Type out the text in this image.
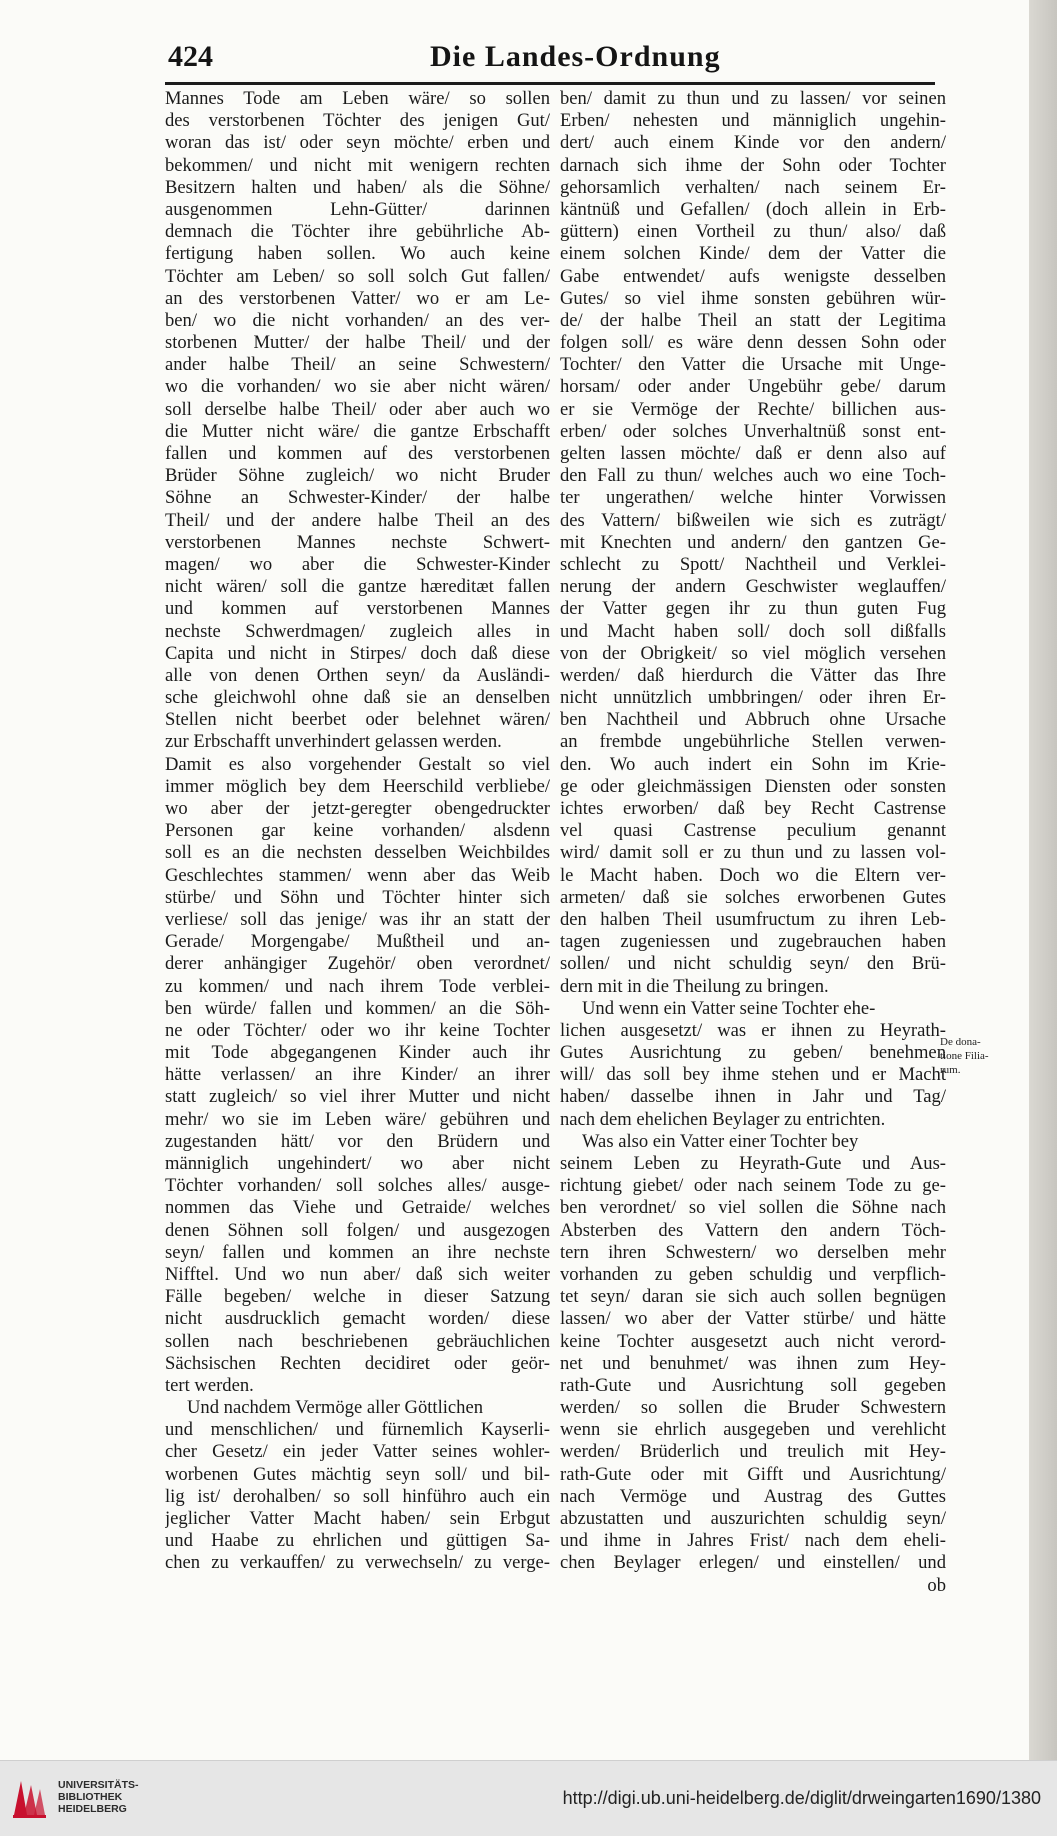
424	Die Landes-Ordnung
Mannes Tode am Leben wäre/ so sollen
des verstorbenen Töchter des jenigen Gut/
woran das ist/ oder seyn möchte/ erben und
bekommen/ und nicht mit wenigern rechten
Besitzern halten und haben/ als die Söhne/
ausgenommen Lehn-Gütter/ darinnen
demnach die Töchter ihre gebührliche Ab-
fertigung haben sollen. Wo auch keine
Töchter am Leben/ so soll solch Gut fallen/
an des verstorbenen Vatter/ wo er am Le-
ben/ wo die nicht vorhanden/ an des ver-
storbenen Mutter/ der halbe Theil/ und der
ander halbe Theil/ an seine Schwestern/
wo die vorhanden/ wo sie aber nicht wären/
soll derselbe halbe Theil/ oder aber auch wo
die Mutter nicht wäre/ die gantze Erbschafft
fallen und kommen auf des verstorbenen
Brüder Söhne zugleich/ wo nicht Bruder
Söhne an Schwester-Kinder/ der halbe
Theil/ und der andere halbe Theil an des
verstorbenen Mannes nechste Schwert-
magen/ wo aber die Schwester-Kinder
nicht wären/ soll die gantze hæreditæt fallen
und kommen auf verstorbenen Mannes
nechste Schwerdmagen/ zugleich alles in
Capita und nicht in Stirpes/ doch daß diese
alle von denen Orthen seyn/ da Ausländi-
sche gleichwohl ohne daß sie an denselben
Stellen nicht beerbet oder belehnet wären/
zur Erbschafft unverhindert gelassen werden.
Damit es also vorgehender Gestalt so viel
immer möglich bey dem Heerschild verbliebe/
wo aber der jetzt-geregter obengedruckter
Personen gar keine vorhanden/ alsdenn
soll es an die nechsten desselben Weichbildes
Geschlechtes stammen/ wenn aber das Weib
stürbe/ und Söhn und Töchter hinter sich
verliese/ soll das jenige/ was ihr an statt der
Gerade/ Morgengabe/ Mußtheil und an-
derer anhängiger Zugehör/ oben verordnet/
zu kommen/ und nach ihrem Tode verblei-
ben würde/ fallen und kommen/ an die Söh-
ne oder Töchter/ oder wo ihr keine Tochter
mit Tode abgegangenen Kinder auch ihr
hätte verlassen/ an ihre Kinder/ an ihrer
statt zugleich/ so viel ihrer Mutter und nicht
mehr/ wo sie im Leben wäre/ gebühren und
zugestanden hätt/ vor den Brüdern und
männiglich ungehindert/ wo aber nicht
Töchter vorhanden/ soll solches alles/ ausge-
nommen das Viehe und Getraide/ welches
denen Söhnen soll folgen/ und ausgezogen
seyn/ fallen und kommen an ihre nechste
Nifftel. Und wo nun aber/ daß sich weiter
Fälle begeben/ welche in dieser Satzung
nicht ausdrucklich gemacht worden/ diese
sollen nach beschriebenen gebräuchlichen
Sächsischen Rechten decidiret oder geör-
tert werden.
Und nachdem Vermöge aller Göttlichen
und menschlichen/ und fürnemlich Kayserli-
cher Gesetz/ ein jeder Vatter seines wohler-
worbenen Gutes mächtig seyn soll/ und bil-
lig ist/ derohalben/ so soll hinführo auch ein
jeglicher Vatter Macht haben/ sein Erbgut
und Haabe zu ehrlichen und güttigen Sa-
chen zu verkauffen/ zu verwechseln/ zu verge-
ben/ damit zu thun und zu lassen/ vor seinen
Erben/ nehesten und männiglich ungehin-
dert/ auch einem Kinde vor den andern/
darnach sich ihme der Sohn oder Tochter
gehorsamlich verhalten/ nach seinem Er-
käntnüß und Gefallen/ (doch allein in Erb-
güttern) einen Vortheil zu thun/ also/ daß
einem solchen Kinde/ dem der Vatter die
Gabe entwendet/ aufs wenigste desselben
Gutes/ so viel ihme sonsten gebühren wür-
de/ der halbe Theil an statt der Legitima
folgen soll/ es wäre denn dessen Sohn oder
Tochter/ den Vatter die Ursache mit Unge-
horsam/ oder ander Ungebühr gebe/ darum
er sie Vermöge der Rechte/ billichen aus-
erben/ oder solches Unverhaltnüß sonst ent-
gelten lassen möchte/ daß er denn also auf
den Fall zu thun/ welches auch wo eine Toch-
ter ungerathen/ welche hinter Vorwissen
des Vattern/ bißweilen wie sich es zuträgt/
mit Knechten und andern/ den gantzen Ge-
schlecht zu Spott/ Nachtheil und Verklei-
nerung der andern Geschwister weglauffen/
der Vatter gegen ihr zu thun guten Fug
und Macht haben soll/ doch soll dißfalls
von der Obrigkeit/ so viel möglich versehen
werden/ daß hierdurch die Vätter das Ihre
nicht unnützlich umbbringen/ oder ihren Er-
ben Nachtheil und Abbruch ohne Ursache
an frembde ungebührliche Stellen verwen-
den. Wo auch indert ein Sohn im Krie-
ge oder gleichmässigen Diensten oder sonsten
ichtes erworben/ daß bey Recht Castrense
vel quasi Castrense peculium genannt
wird/ damit soll er zu thun und zu lassen vol-
le Macht haben. Doch wo die Eltern ver-
armeten/ daß sie solches erworbenen Gutes
den halben Theil usumfructum zu ihren Leb-
tagen zugeniessen und zugebrauchen haben
sollen/ und nicht schuldig seyn/ den Brü-
dern mit in die Theilung zu bringen.
Und wenn ein Vatter seine Tochter ehe-
lichen ausgesetzt/ was er ihnen zu Heyrath-
Gutes Ausrichtung zu geben/ benehmen
will/ das soll bey ihme stehen und er Macht
haben/ dasselbe ihnen in Jahr und Tag/
nach dem ehelichen Beylager zu entrichten.
Was also ein Vatter einer Tochter bey
seinem Leben zu Heyrath-Gute und Aus-
richtung giebet/ oder nach seinem Tode zu ge-
ben verordnet/ so viel sollen die Söhne nach
Absterben des Vattern den andern Töch-
tern ihren Schwestern/ wo derselben mehr
vorhanden zu geben schuldig und verpflich-
tet seyn/ daran sie sich auch sollen begnügen
lassen/ wo aber der Vatter stürbe/ und hätte
keine Tochter ausgesetzt auch nicht verord-
net und benuhmet/ was ihnen zum Hey-
rath-Gute und Ausrichtung soll gegeben
werden/ so sollen die Bruder Schwestern
wenn sie ehrlich ausgegeben und verehlicht
werden/ Brüderlich und treulich mit Hey-
rath-Gute oder mit Gifft und Ausrichtung/
nach Vermöge und Austrag des Guttes
abzustatten und auszurichten schuldig seyn/
und ihme in Jahres Frist/ nach dem eheli-
chen Beylager erlegen/ und einstellen/ und
ob
De dona-
tione Filia-
rum.
UNIVERSITÄTS-
BIBLIOTHEK
HEIDELBERG
http://digi.ub.uni-heidelberg.de/diglit/drweingarten1690/1380
